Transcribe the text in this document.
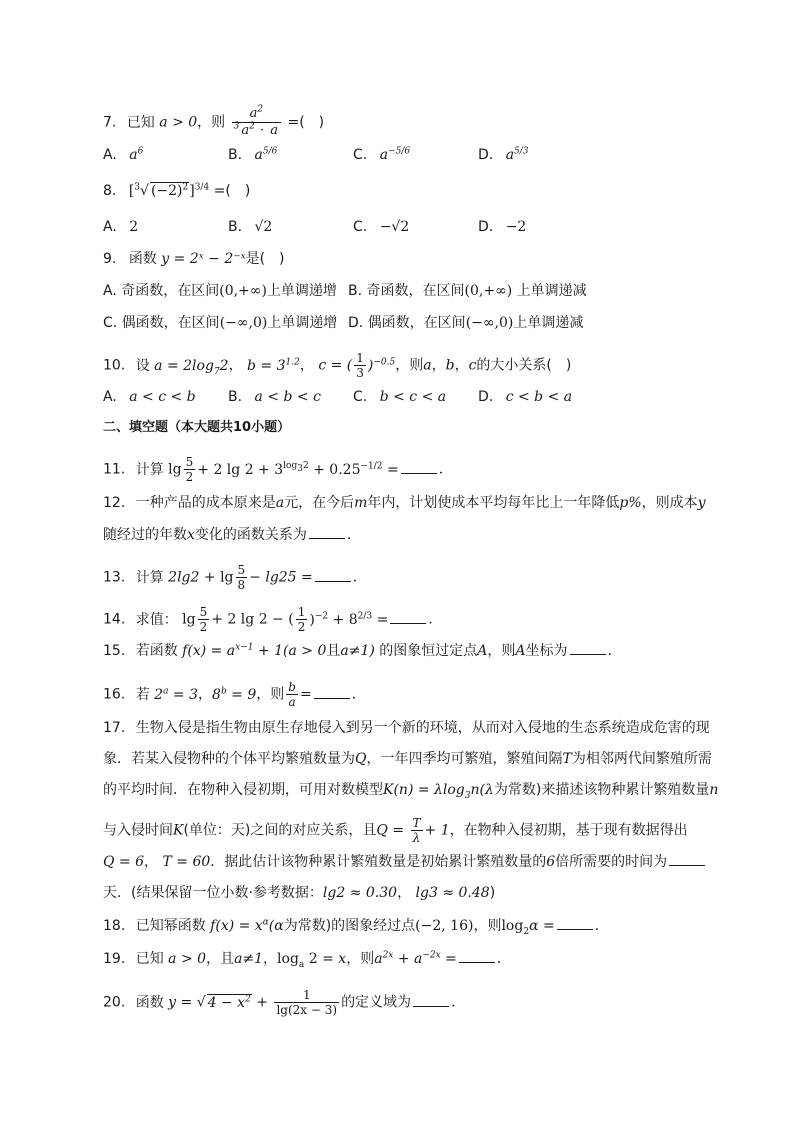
7. 已知 a > 0，则 $\frac{a^2}{^3 a^2 \cdot a}$ =(　)
A. $a^6$	B. $a^{5/6}$	C. $a^{-5/6}$	D. $a^{5/3}$
8. [$^3$√ $(-2)^2]^{3/4}$ =(　)
A. 2	B. √2	C. −√2	D. −2
9. 函数 y = 2ˣ − 2⁻ˣ是(　)
A. 奇函数，在区间(0,+∞)上单调递增 B. 奇函数，在区间(0,+∞) 上单调递减
C. 偶函数，在区间(−∞,0)上单调递增 D. 偶函数，在区间(−∞,0)上单调递减
10. 设 $a = 2\log_72$， $b = 3^{1.2}$， c = ( $\frac{1}{3} )^{-0.5}$，则a，b，c的大小关系(　)
A. a < c < b B. a < b < c C. b < c < a D. c < b < a
二、填空题（本大题共10小题）
11. 计算 $\lg \frac{5}{2} + 2$ $\lg 2 + 3^{log_32} + 0.25^{-1/2}$ =	．
12. 一种产品的成本原来是a元，在今后m年内，计划使成本平均每年比上一年降低p%，则成本y
随经过的年数x变化的函数关系为	．
13. 计算 $2\lg 2 + \lg \frac{5}{8} - \lg 25$ =	．
14. 求值： $\lg \frac{5}{2} + 2$ lg 2 − ( $\frac{1}{2} )^{-2} + 8^{2/3}$ =	．
15. 若函数 $f(x) = a^{x-1} + 1(a > 0$且a≠1) 的图象恒过定点A，则A坐标为	．
16. 若 $2^a = 3$，$8^b = 9$，则 $\frac{b}{a}$ =	．
17. 生物入侵是指生物由原生存地侵入到另一个新的环境，从而对入侵地的生态系统造成危害的现
象．若某入侵物种的个体平均繁殖数量为Q，一年四季均可繁殖，繁殖间隔T为相邻两代间繁殖所需
的平均时间．在物种入侵初期，可用对数模型K(n) = λlog$_3$n(λ为常数)来描述该物种累计繁殖数量n
与入侵时间K(单位：天)之间的对应关系，且$Q = \frac{T}{\lambda} + 1$，在物种入侵初期，基于现有数据得出
Q = 6， T = 60．据此估计该物种累计繁殖数量是初始累计繁殖数量的6倍所需要的时间为
天．(结果保留一位小数·参考数据：lg2 ≈ 0.30， lg3 ≈ 0.48)
18. 已知幂函数 $f(x) = x^\alpha(\alpha$为常数)的图象经过点(−2, 16)，则$\log_2\alpha$ =	．
19. 已知 a > 0，且a≠1，$\log_a 2 = x$，则$a^{2x} + a^{-2x}$ =	．
20. 函数 y = √ $4 - x^2 + \frac{1}{\lg(2x - 3)}$ 的定义域为	．
